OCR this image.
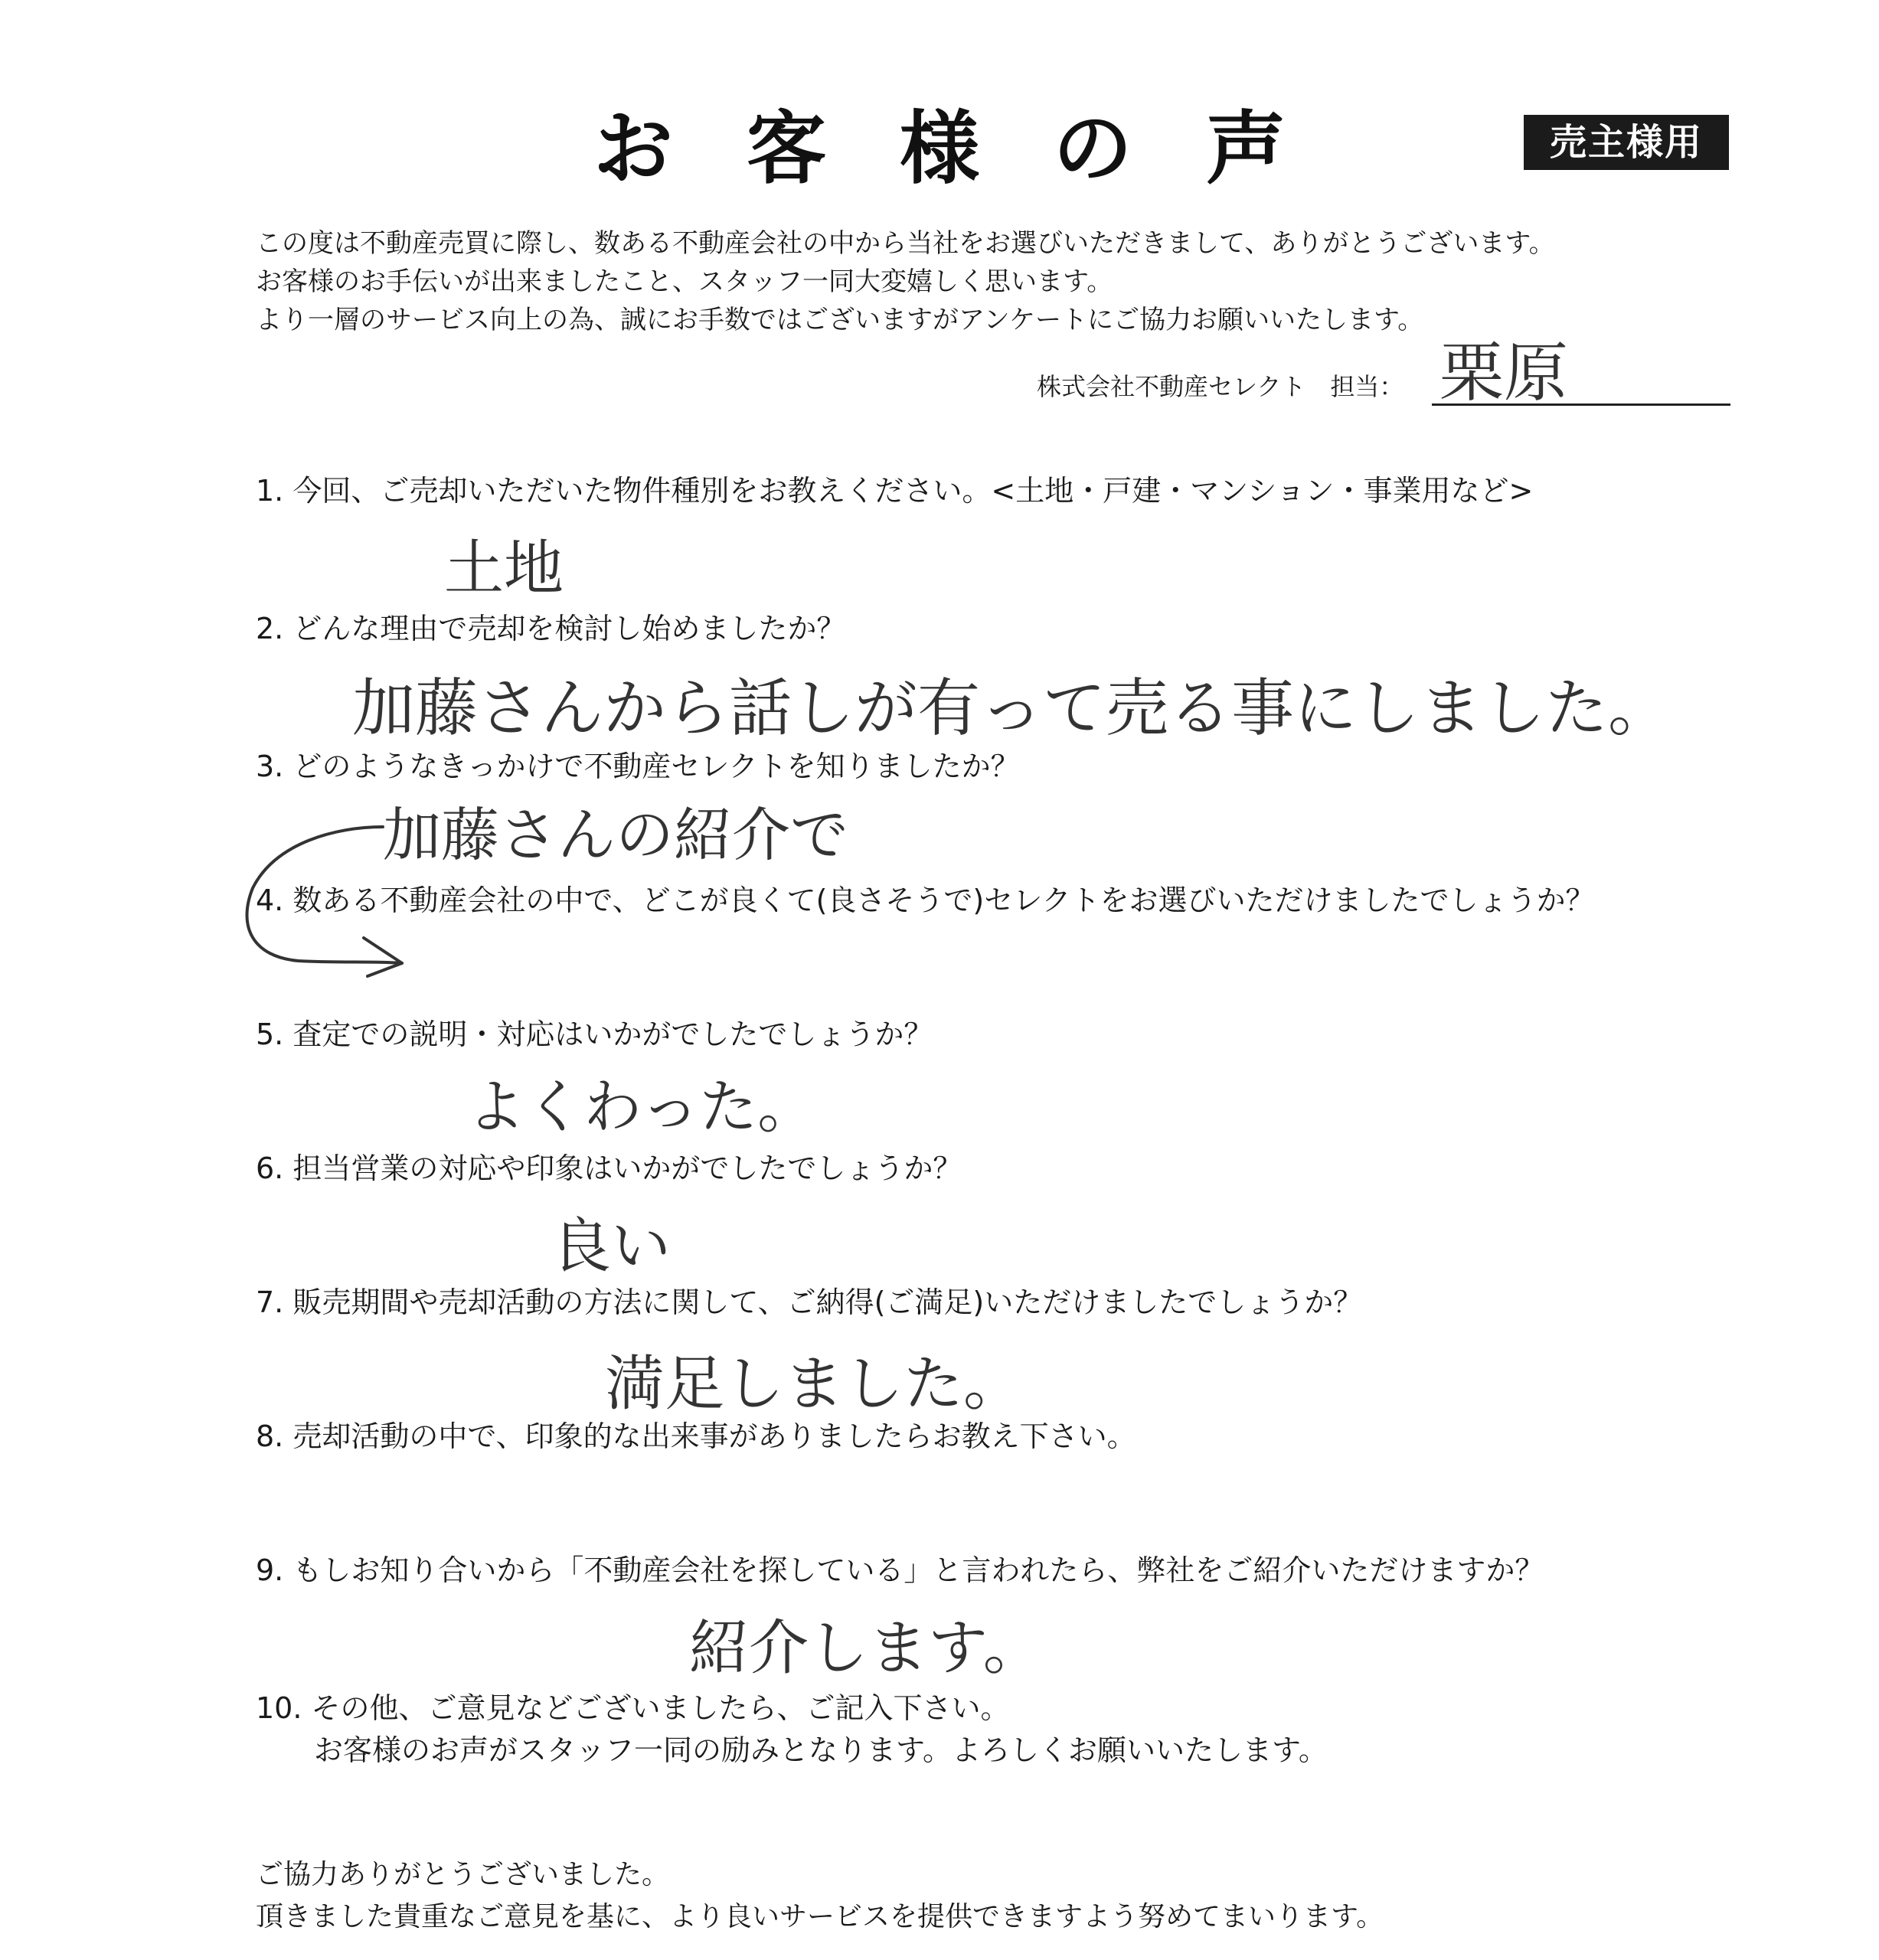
お客様の声	売主様用
この度は不動産売買に際し、数ある不動産会社の中から当社をお選びいただきまして、ありがとうございます。
お客様のお手伝いが出来ましたこと、スタッフ一同大変嬉しく思います。
より一層のサービス向上の為、誠にお手数ではございますがアンケートにご協力お願いいたします。
株式会社不動産セレクト　担当： 栗原
1. 今回、ご売却いただいた物件種別をお教えください。<土地・戸建・マンション・事業用など>
土地
2. どんな理由で売却を検討し始めましたか？
加藤さんから話しが有って売る事にしました。
3. どのようなきっかけで不動産セレクトを知りましたか？
加藤さんの紹介で
4. 数ある不動産会社の中で、どこが良くて(良さそうで)セレクトをお選びいただけましたでしょうか？
5. 査定での説明・対応はいかがでしたでしょうか？
よくわった。
6. 担当営業の対応や印象はいかがでしたでしょうか？
良い
7. 販売期間や売却活動の方法に関して、ご納得(ご満足)いただけましたでしょうか？
満足しました。
8. 売却活動の中で、印象的な出来事がありましたらお教え下さい。
9. もしお知り合いから「不動産会社を探している」と言われたら、弊社をご紹介いただけますか？
紹介します。
10. その他、ご意見などございましたら、ご記入下さい。
お客様のお声がスタッフ一同の励みとなります。よろしくお願いいたします。
ご協力ありがとうございました。
頂きました貴重なご意見を基に、より良いサービスを提供できますよう努めてまいります。
